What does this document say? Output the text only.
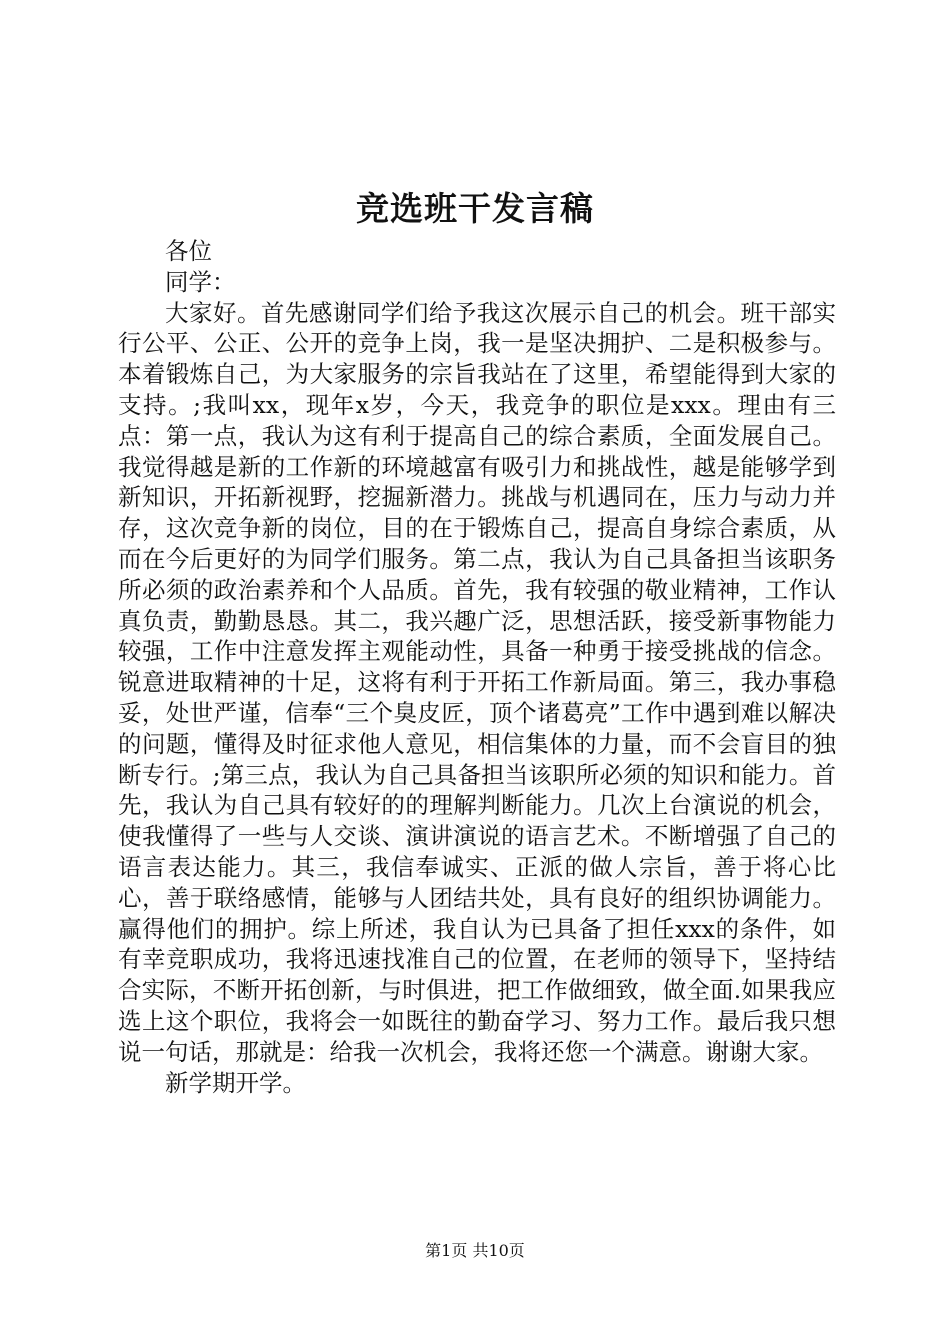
竞选班干发言稿

各位

同学：

大家好。首先感谢同学们给予我这次展示自己的机会。班干部实行公平、公正、公开的竞争上岗，我一是坚决拥护、二是积极参与。本着锻炼自己，为大家服务的宗旨我站在了这里，希望能得到大家的支持。;我叫xx，现年x岁，今天，我竞争的职位是xxx。理由有三点：第一点，我认为这有利于提高自己的综合素质，全面发展自己。我觉得越是新的工作新的环境越富有吸引力和挑战性，越是能够学到新知识，开拓新视野，挖掘新潜力。挑战与机遇同在，压力与动力并存，这次竞争新的岗位，目的在于锻炼自己，提高自身综合素质，从而在今后更好的为同学们服务。第二点，我认为自己具备担当该职务所必须的政治素养和个人品质。首先，我有较强的敬业精神，工作认真负责，勤勤恳恳。其二，我兴趣广泛，思想活跃，接受新事物能力较强，工作中注意发挥主观能动性，具备一种勇于接受挑战的信念。锐意进取精神的十足，这将有利于开拓工作新局面。第三，我办事稳妥，处世严谨，信奉“三个臭皮匠，顶个诸葛亮”工作中遇到难以解决的问题，懂得及时征求他人意见，相信集体的力量，而不会盲目的独断专行。;第三点，我认为自己具备担当该职所必须的知识和能力。首先，我认为自己具有较好的的理解判断能力。几次上台演说的机会，使我懂得了一些与人交谈、演讲演说的语言艺术。不断增强了自己的语言表达能力。其三，我信奉诚实、正派的做人宗旨，善于将心比心，善于联络感情，能够与人团结共处，具有良好的组织协调能力。赢得他们的拥护。综上所述，我自认为已具备了担任xxx的条件，如有幸竞职成功，我将迅速找准自己的位置，在老师的领导下，坚持结合实际，不断开拓创新，与时俱进，把工作做细致，做全面.如果我应选上这个职位，我将会一如既往的勤奋学习、努力工作。最后我只想说一句话，那就是：给我一次机会，我将还您一个满意。谢谢大家。

新学期开学。

第1页 共10页
